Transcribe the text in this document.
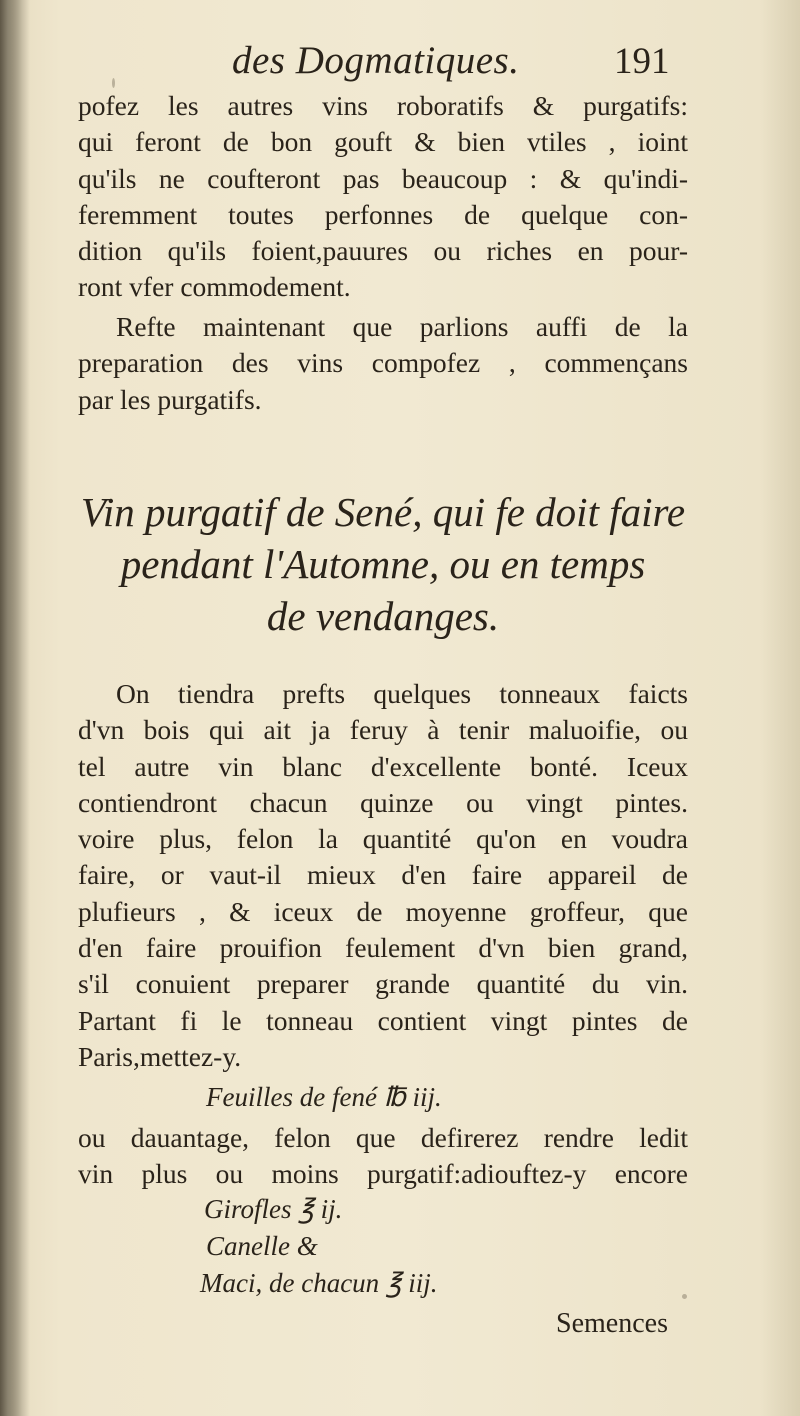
des Dogmatiques.	191
pofez les autres vins roboratifs & purgatifs:
qui feront de bon gouft & bien vtiles , ioint
qu'ils ne coufteront pas beaucoup : & qu'indi-
feremment toutes perfonnes de quelque con-
dition qu'ils foient,pauures ou riches en pour-
ront vfer commodement.
Refte maintenant que parlions auffi de la
preparation des vins compofez , commençans
par les purgatifs.
Vin purgatif de Sené, qui fe doit faire
pendant l'Automne, ou en temps
de vendanges.
On tiendra prefts quelques tonneaux faicts
d'vn bois qui ait ja feruy à tenir maluoifie, ou
tel autre vin blanc d'excellente bonté. Iceux
contiendront chacun quinze ou vingt pintes.
voire plus, felon la quantité qu'on en voudra
faire, or vaut-il mieux d'en faire appareil de
plufieurs , & iceux de moyenne groffeur, que
d'en faire prouifion feulement d'vn bien grand,
s'il conuient preparer grande quantité du vin.
Partant fi le tonneau contient vingt pintes de
Paris,mettez-y.
Feuilles de fené ℔ iij.
ou dauantage, felon que defirerez rendre ledit
vin plus ou moins purgatif:adiouftez-y encore
Girofles ℥ ij.
Canelle &
Maci, de chacun ℥ iij.
Semences
